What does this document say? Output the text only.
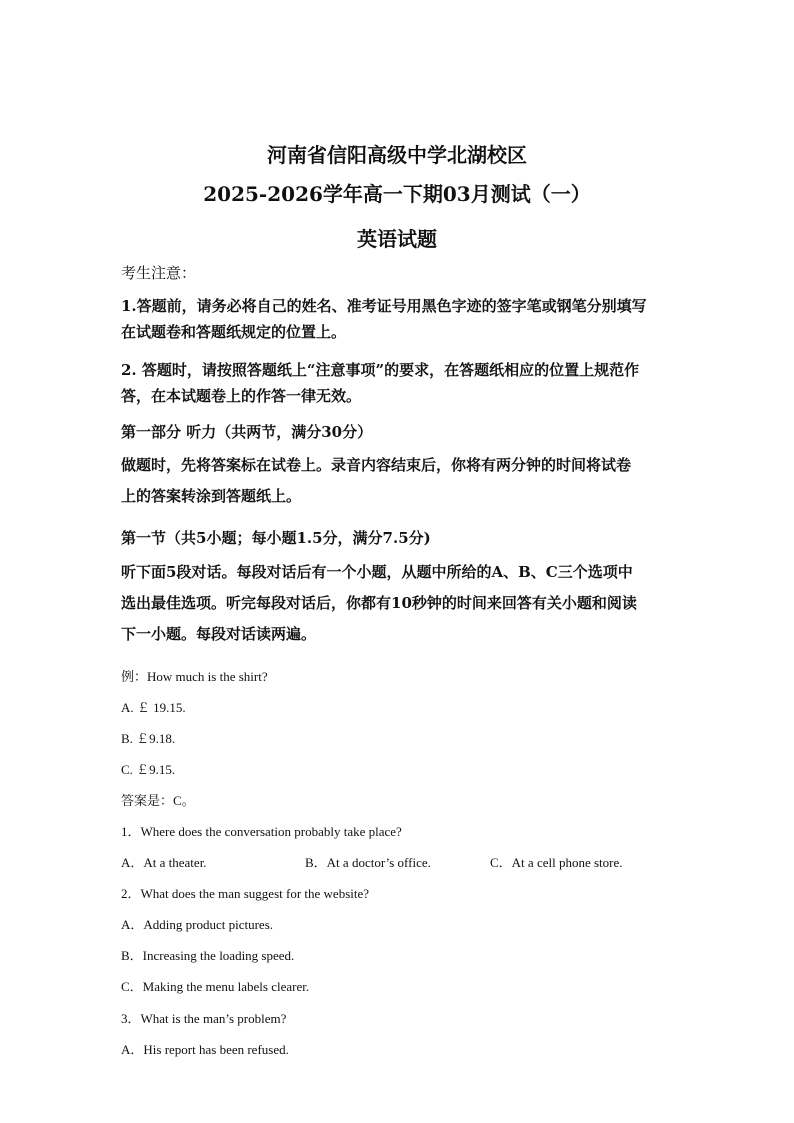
河南省信阳高级中学北湖校区
2025-2026学年高一下期03月测试（一）
英语试题
考生注意：
1.答题前，请务必将自己的姓名、准考证号用黑色字迹的签字笔或钢笔分别填写
在试题卷和答题纸规定的位置上。
2. 答题时，请按照答题纸上“注意事项”的要求，在答题纸相应的位置上规范作
答，在本试题卷上的作答一律无效。
第一部分 听力（共两节，满分30分）
做题时，先将答案标在试卷上。录音内容结束后，你将有两分钟的时间将试卷
上的答案转涂到答题纸上。
第一节（共5小题；每小题1.5分，满分7.5分)
听下面5段对话。每段对话后有一个小题，从题中所给的A、B、C三个选项中
选出最佳选项。听完每段对话后，你都有10秒钟的时间来回答有关小题和阅读
下一小题。每段对话读两遍。
例：How much is the shirt?
A. ￡ 19.15.
B. ￡9.18.
C. ￡9.15.
答案是：C。
1．Where does the conversation probably take place?
A．At a theater.	B．At a doctor’s office.	C．At a cell phone store.
2．What does the man suggest for the website?
A．Adding product pictures.
B．Increasing the loading speed.
C．Making the menu labels clearer.
3．What is the man’s problem?
A．His report has been refused.
